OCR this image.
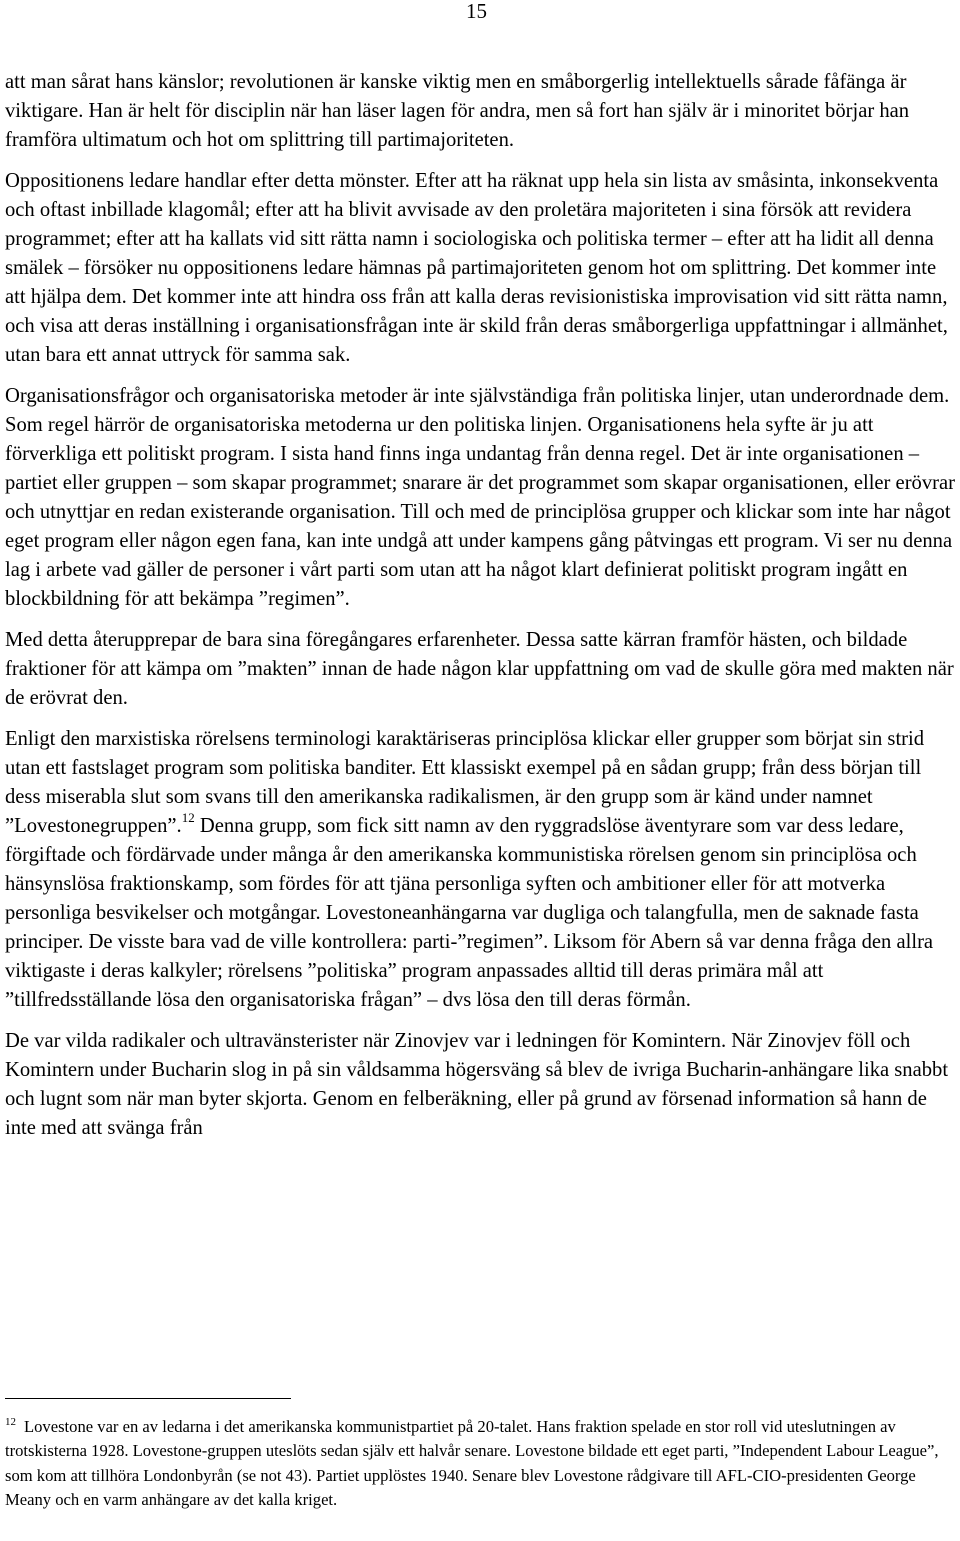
15

att man sårat hans känslor; revolutionen är kanske viktig men en småborgerlig intellektuells sårade fåfänga är viktigare. Han är helt för disciplin när han läser lagen för andra, men så fort han själv är i minoritet börjar han framföra ultimatum och hot om splittring till partimajoriteten.

Oppositionens ledare handlar efter detta mönster. Efter att ha räknat upp hela sin lista av småsinta, inkonsekventa och oftast inbillade klagomål; efter att ha blivit avvisade av den proletära majoriteten i sina försök att revidera programmet; efter att ha kallats vid sitt rätta namn i sociologiska och politiska termer – efter att ha lidit all denna smälek – försöker nu oppositionens ledare hämnas på partimajoriteten genom hot om splittring. Det kommer inte att hjälpa dem. Det kommer inte att hindra oss från att kalla deras revisionistiska improvisation vid sitt rätta namn, och visa att deras inställning i organisationsfrågan inte är skild från deras småborgerliga uppfattningar i allmänhet, utan bara ett annat uttryck för samma sak.

Organisationsfrågor och organisatoriska metoder är inte självständiga från politiska linjer, utan underordnade dem. Som regel härrör de organisatoriska metoderna ur den politiska linjen. Organisationens hela syfte är ju att förverkliga ett politiskt program. I sista hand finns inga undantag från denna regel. Det är inte organisationen – partiet eller gruppen – som skapar programmet; snarare är det programmet som skapar organisationen, eller erövrar och utnyttjar en redan existerande organisation. Till och med de principlösa grupper och klickar som inte har något eget program eller någon egen fana, kan inte undgå att under kampens gång påtvingas ett program. Vi ser nu denna lag i arbete vad gäller de personer i vårt parti som utan att ha något klart definierat politiskt program ingått en blockbildning för att bekämpa ”regimen”.

Med detta återupprepar de bara sina föregångares erfarenheter. Dessa satte kärran framför hästen, och bildade fraktioner för att kämpa om ”makten” innan de hade någon klar uppfattning om vad de skulle göra med makten när de erövrat den.

Enligt den marxistiska rörelsens terminologi karaktäriseras principlösa klickar eller grupper som börjat sin strid utan ett fastslaget program som politiska banditer. Ett klassiskt exempel på en sådan grupp; från dess början till dess miserabla slut som svans till den amerikanska radikalismen, är den grupp som är känd under namnet ”Lovestonegruppen”.$^{12}$ Denna grupp, som fick sitt namn av den ryggradslöse äventyrare som var dess ledare, förgiftade och fördärvade under många år den amerikanska kommunistiska rörelsen genom sin principlösa och hänsynslösa fraktionskamp, som fördes för att tjäna personliga syften och ambitioner eller för att motverka personliga besvikelser och motgångar. Lovestoneanhängarna var dugliga och talangfulla, men de saknade fasta principer. De visste bara vad de ville kontrollera: parti-”regimen”. Liksom för Abern så var denna fråga den allra viktigaste i deras kalkyler; rörelsens ”politiska” program anpassades alltid till deras primära mål att ”tillfredsställande lösa den organisatoriska frågan” – dvs lösa den till deras förmån.

De var vilda radikaler och ultravänsterister när Zinovjev var i ledningen för Komintern. När Zinovjev föll och Komintern under Bucharin slog in på sin våldsamma högersväng så blev de ivriga Bucharin-anhängare lika snabbt och lugnt som när man byter skjorta. Genom en felberäkning, eller på grund av försenad information så hann de inte med att svänga från

$^{12}$ Lovestone var en av ledarna i det amerikanska kommunistpartiet på 20-talet. Hans fraktion spelade en stor roll vid uteslutningen av trotskisterna 1928. Lovestone-gruppen uteslöts sedan själv ett halvår senare. Lovestone bildade ett eget parti, ”Independent Labour League”, som kom att tillhöra Londonbyrån (se not 43). Partiet upplöstes 1940. Senare blev Lovestone rådgivare till AFL-CIO-presidenten George Meany och en varm anhängare av det kalla kriget.
